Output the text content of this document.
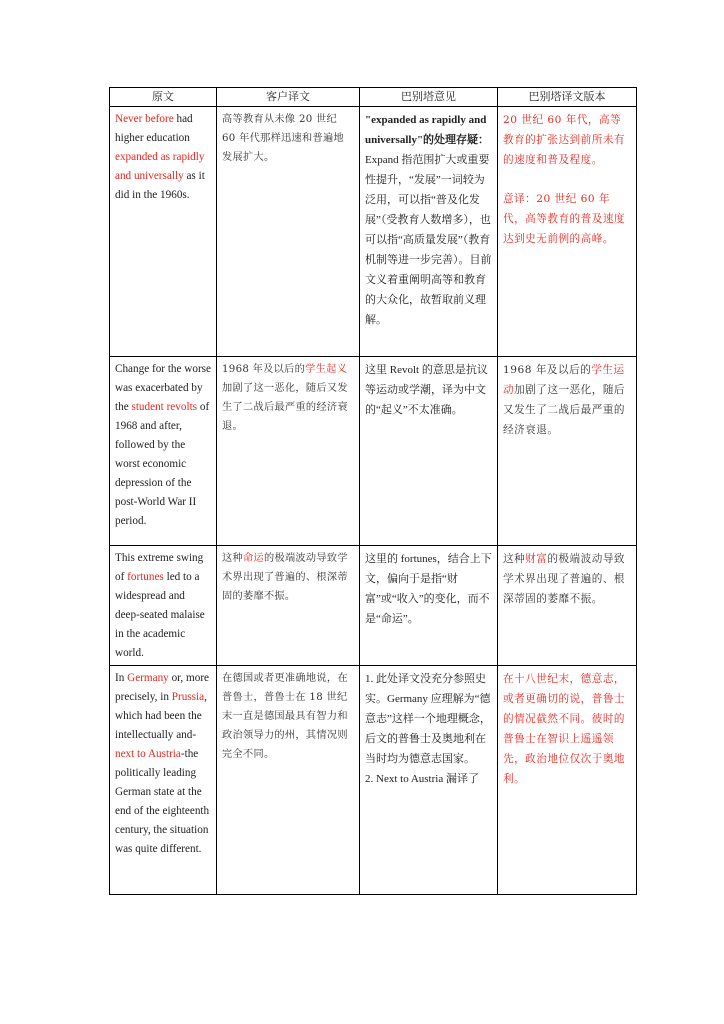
原文	客户译文	巴别塔意见	巴别塔译文版本
Never before had higher education expanded as rapidly and universally as it did in the 1960s.	高等教育从未像 20 世纪 60 年代那样迅速和普遍地发展扩大。	"expanded as rapidly and universally"的处理存疑：
Expand 指范围扩大或重要性提升，“发展”一词较为泛用，可以指“普及化发展”（受教育人数增多），也可以指“高质量发展”（教育机制等进一步完善）。目前文义着重阐明高等和教育的大众化，故暂取前义理解。	20 世纪 60 年代，高等教育的扩张达到前所未有的速度和普及程度。
意译：20 世纪 60 年代，高等教育的普及速度达到史无前例的高峰。

Change for the worse was exacerbated by the student revolts of 1968 and after, followed by the worst economic depression of the post-World War II period.	1968 年及以后的学生起义加剧了这一恶化，随后又发生了二战后最严重的经济衰退。	这里 Revolt 的意思是抗议等运动或学潮，译为中文的“起义”不太准确。	1968 年及以后的学生运动加剧了这一恶化，随后又发生了二战后最严重的经济衰退。
This extreme swing of fortunes led to a widespread and deep-seated malaise in the academic world.	这种命运的极端波动导致学术界出现了普遍的、根深蒂固的萎靡不振。	这里的 fortunes，结合上下文，偏向于是指“财富”或“收入”的变化，而不是“命运”。	这种财富的极端波动导致学术界出现了普遍的、根深蒂固的萎靡不振。
In Germany or, more precisely, in Prussia, which had been the intellectually and-next to Austria-the politically leading German state at the end of the eighteenth century, the situation was quite different.	在德国或者更准确地说，在普鲁士，普鲁士在 18 世纪末一直是德国最具有智力和政治领导力的州，其情况则完全不同。	1. 此处译文没充分参照史实。Germany 应理解为“德意志”这样一个地理概念，后文的普鲁士及奥地利在当时均为德意志国家。
2. Next to Austria 漏译了	在十八世纪末，德意志，或者更确切的说，普鲁士的情况截然不同。彼时的普鲁士在智识上遥遥领先，政治地位仅次于奥地利。
